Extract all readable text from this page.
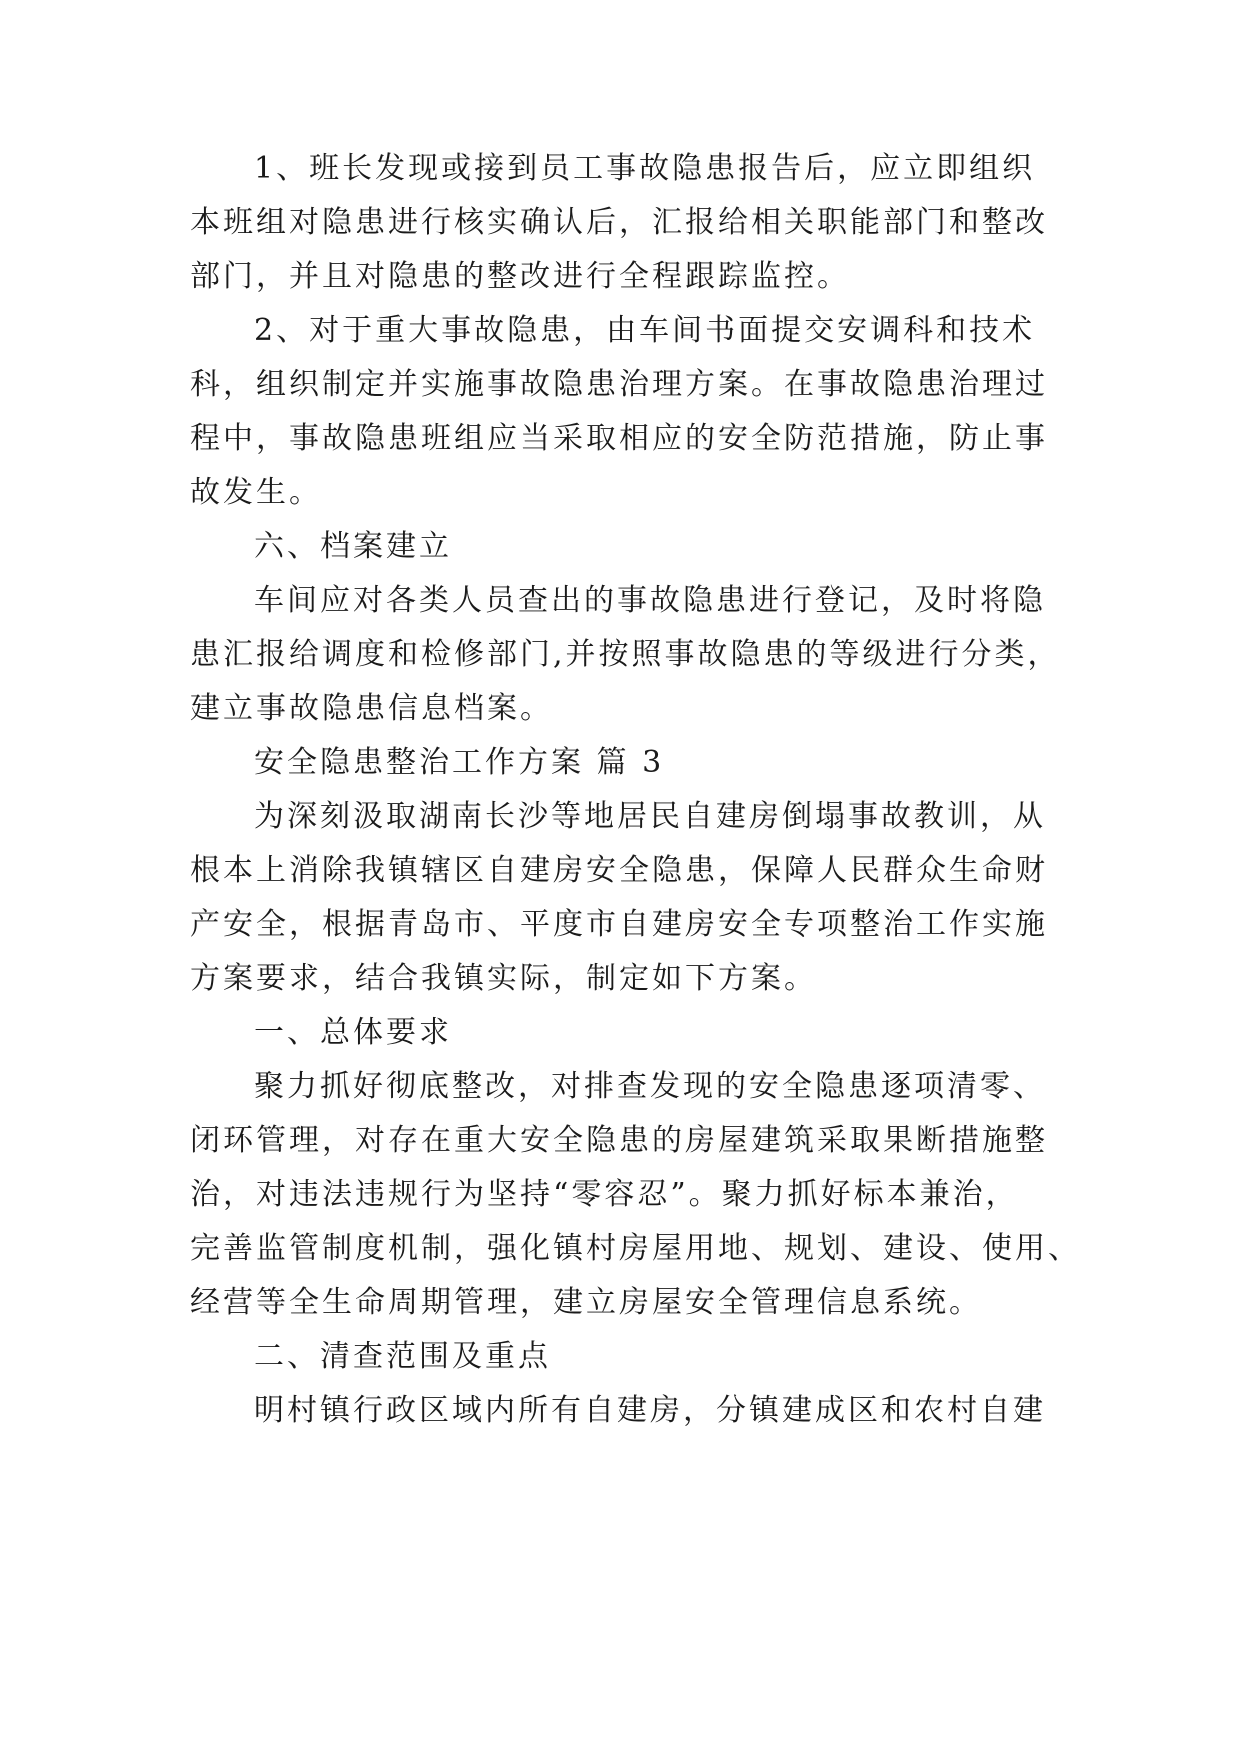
1、班长发现或接到员工事故隐患报告后，应立即组织
本班组对隐患进行核实确认后，汇报给相关职能部门和整改
部门，并且对隐患的整改进行全程跟踪监控。
2、对于重大事故隐患，由车间书面提交安调科和技术
科，组织制定并实施事故隐患治理方案。在事故隐患治理过
程中，事故隐患班组应当采取相应的安全防范措施，防止事
故发生。
六、档案建立
车间应对各类人员查出的事故隐患进行登记，及时将隐
患汇报给调度和检修部门,并按照事故隐患的等级进行分类，
建立事故隐患信息档案。
安全隐患整治工作方案 篇 3
为深刻汲取湖南长沙等地居民自建房倒塌事故教训，从
根本上消除我镇辖区自建房安全隐患，保障人民群众生命财
产安全，根据青岛市、平度市自建房安全专项整治工作实施
方案要求，结合我镇实际，制定如下方案。
一、总体要求
聚力抓好彻底整改，对排查发现的安全隐患逐项清零、
闭环管理，对存在重大安全隐患的房屋建筑采取果断措施整
治，对违法违规行为坚持“零容忍”。聚力抓好标本兼治，
完善监管制度机制，强化镇村房屋用地、规划、建设、使用、
经营等全生命周期管理，建立房屋安全管理信息系统。
二、清查范围及重点
明村镇行政区域内所有自建房，分镇建成区和农村自建
